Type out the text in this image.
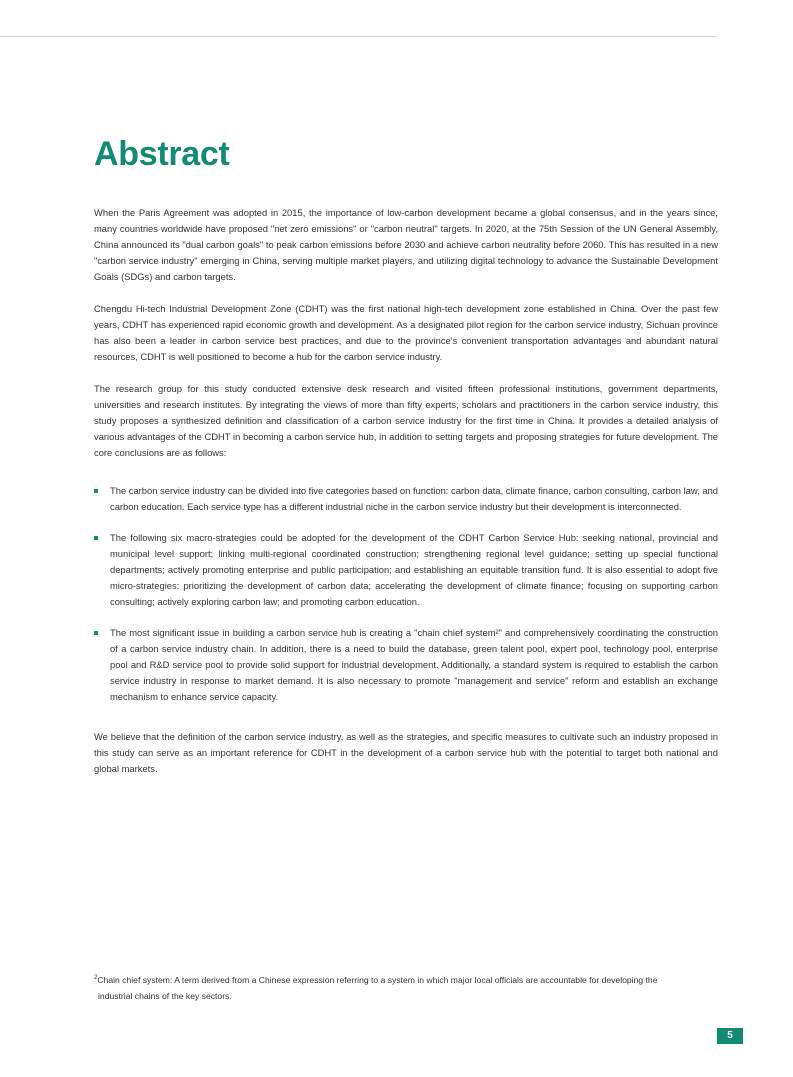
Abstract

When the Paris Agreement was adopted in 2015, the importance of low-carbon development became a global consensus, and in the years since, many countries worldwide have proposed "net zero emissions" or "carbon neutral" targets. In 2020, at the 75th Session of the UN General Assembly, China announced its "dual carbon goals" to peak carbon emissions before 2030 and achieve carbon neutrality before 2060. This has resulted in a new "carbon service industry" emerging in China, serving multiple market players, and utilizing digital technology to advance the Sustainable Development Goals (SDGs) and carbon targets.

Chengdu Hi-tech Industrial Development Zone (CDHT) was the first national high-tech development zone established in China. Over the past few years, CDHT has experienced rapid economic growth and development. As a designated pilot region for the carbon service industry, Sichuan province has also been a leader in carbon service best practices, and due to the province's convenient transportation advantages and abundant natural resources, CDHT is well positioned to become a hub for the carbon service industry.

The research group for this study conducted extensive desk research and visited fifteen professional institutions, government departments, universities and research institutes. By integrating the views of more than fifty experts, scholars and practitioners in the carbon service industry, this study proposes a synthesized definition and classification of a carbon service industry for the first time in China. It provides a detailed analysis of various advantages of the CDHT in becoming a carbon service hub, in addition to setting targets and proposing strategies for future development. The core conclusions are as follows:

The carbon service industry can be divided into five categories based on function: carbon data, climate finance, carbon consulting, carbon law, and carbon education. Each service type has a different industrial niche in the carbon service industry but their development is interconnected.
The following six macro-strategies could be adopted for the development of the CDHT Carbon Service Hub: seeking national, provincial and municipal level support; linking multi-regional coordinated construction; strengthening regional level guidance; setting up special functional departments; actively promoting enterprise and public participation; and establishing an equitable transition fund. It is also essential to adopt five micro-strategies: prioritizing the development of carbon data; accelerating the development of climate finance; focusing on supporting carbon consulting; actively exploring carbon law; and promoting carbon education.
The most significant issue in building a carbon service hub is creating a "chain chief system²" and comprehensively coordinating the construction of a carbon service industry chain. In addition, there is a need to build the database, green talent pool, expert pool, technology pool, enterprise pool and R&D service pool to provide solid support for industrial development. Additionally, a standard system is required to establish the carbon service industry in response to market demand. It is also necessary to promote "management and service" reform and establish an exchange mechanism to enhance service capacity.

We believe that the definition of the carbon service industry, as well as the strategies, and specific measures to cultivate such an industry proposed in this study can serve as an important reference for CDHT in the development of a carbon service hub with the potential to target both national and global markets.

$^2$Chain chief system: A term derived from a Chinese expression referring to a system in which major local officials are accountable for developing the
industrial chains of the key sectors.
5
